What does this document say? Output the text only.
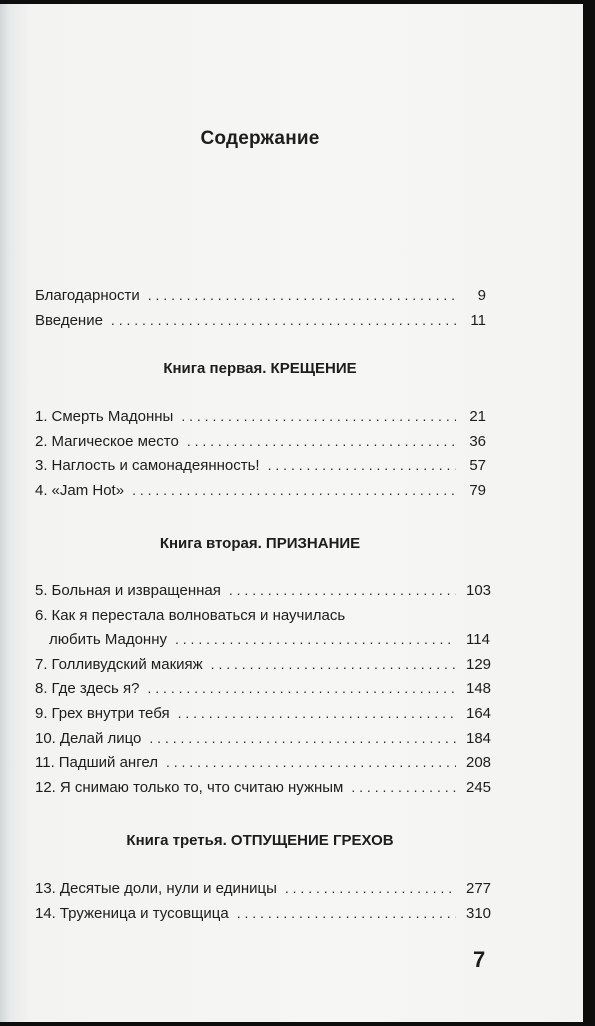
Содержание
Благодарности . . .	9
Введение . . .	11
Книга первая. КРЕЩЕНИЕ
1. Смерть Мадонны . . .	21
2. Магическое место . . .	36
3. Наглость и самонадеянность! . . .	57
4. «Jam Hot» . . .	79
Книга вторая. ПРИЗНАНИЕ
5. Больная и извращенная . . .	103
6. Как я перестала волноваться и научилась
любить Мадонну . . .	114
7. Голливудский макияж . . .	129
8. Где здесь я? . . .	148
9. Грех внутри тебя . . .	164
10. Делай лицо . . .	184
11. Падший ангел . . .	208
12. Я снимаю только то, что считаю нужным . . .	245
Книга третья. ОТПУЩЕНИЕ ГРЕХОВ
13. Десятые доли, нули и единицы . . .	277
14. Труженица и тусовщица . . .	310
7
